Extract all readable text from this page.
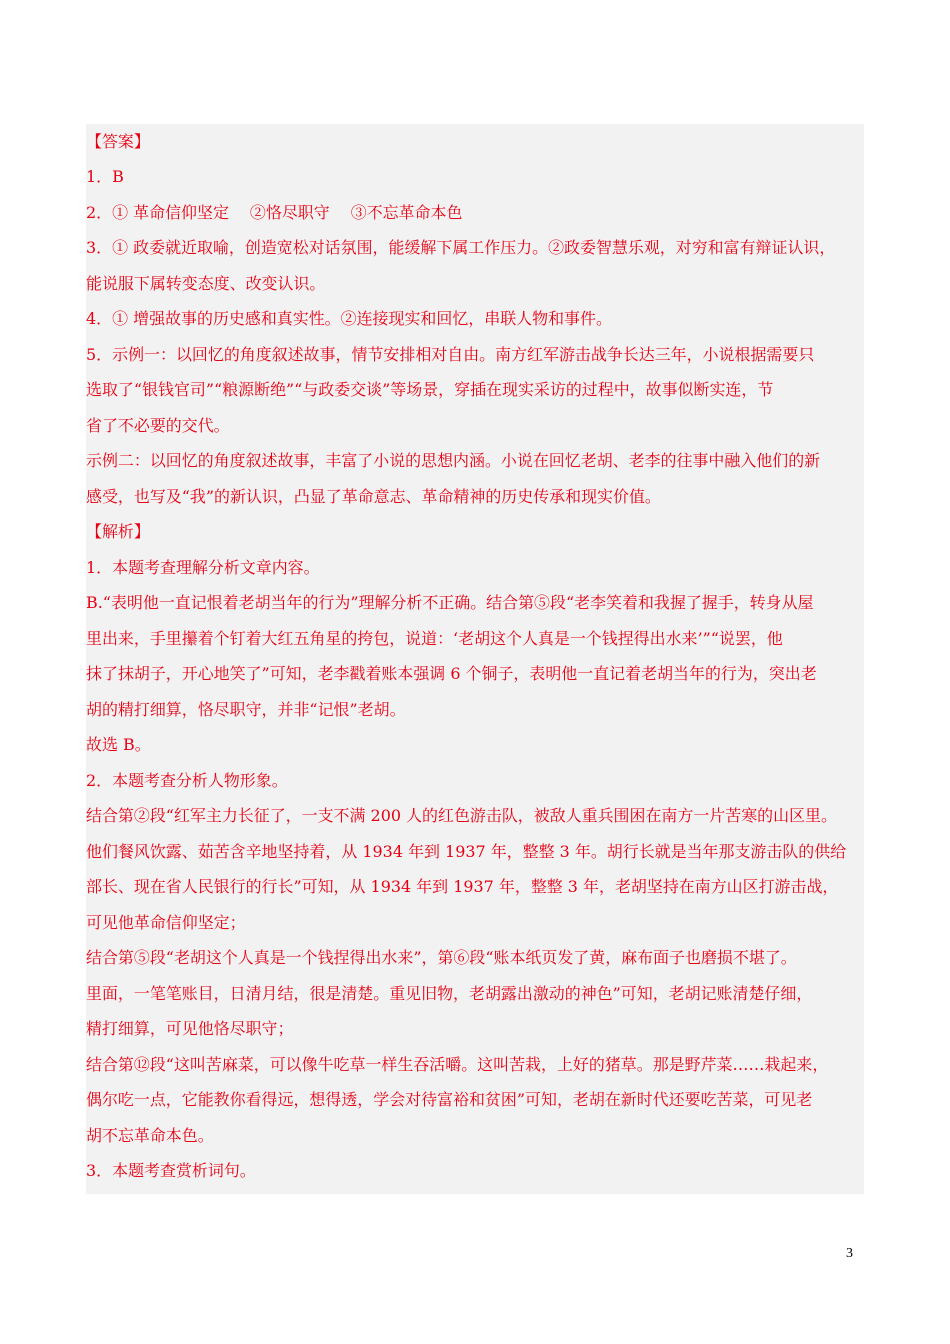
【答案】

1．B

2．① 革命信仰坚定　 ②恪尽职守　 ③不忘革命本色

3．① 政委就近取喻，创造宽松对话氛围，能缓解下属工作压力。②政委智慧乐观，对穷和富有辩证认识，

能说服下属转变态度、改变认识。

4．① 增强故事的历史感和真实性。②连接现实和回忆，串联人物和事件。

5．示例一：以回忆的角度叙述故事，情节安排相对自由。南方红军游击战争长达三年，小说根据需要只

选取了“银钱官司”“粮源断绝”“与政委交谈”等场景，穿插在现实采访的过程中，故事似断实连，节

省了不必要的交代。

示例二：以回忆的角度叙述故事，丰富了小说的思想内涵。小说在回忆老胡、老李的往事中融入他们的新

感受，也写及“我”的新认识，凸显了革命意志、革命精神的历史传承和现实价值。

【解析】

1．本题考查理解分析文章内容。

B.“表明他一直记恨着老胡当年的行为”理解分析不正确。结合第⑤段“老李笑着和我握了握手，转身从屋

里出来，手里攥着个钉着大红五角星的挎包，说道：‘老胡这个人真是一个钱捏得出水来’”“说罢，他

抹了抹胡子，开心地笑了”可知，老李戳着账本强调 6 个铜子，表明他一直记着老胡当年的行为，突出老

胡的精打细算，恪尽职守，并非“记恨”老胡。

故选 B。

2．本题考查分析人物形象。

结合第②段“红军主力长征了，一支不满 200 人的红色游击队，被敌人重兵围困在南方一片苦寒的山区里。

他们餐风饮露、茹苦含辛地坚持着，从 1934 年到 1937 年，整整 3 年。胡行长就是当年那支游击队的供给

部长、现在省人民银行的行长”可知，从 1934 年到 1937 年，整整 3 年，老胡坚持在南方山区打游击战，

可见他革命信仰坚定；

结合第⑤段“老胡这个人真是一个钱捏得出水来”，第⑥段“账本纸页发了黄，麻布面子也磨损不堪了。

里面，一笔笔账目，日清月结，很是清楚。重见旧物，老胡露出激动的神色”可知，老胡记账清楚仔细，

精打细算，可见他恪尽职守；

结合第⑫段“这叫苦麻菜，可以像牛吃草一样生吞活嚼。这叫苦栽，上好的猪草。那是野芹菜……栽起来，

偶尔吃一点，它能教你看得远，想得透，学会对待富裕和贫困”可知，老胡在新时代还要吃苦菜，可见老

胡不忘革命本色。

3．本题考查赏析词句。

3
